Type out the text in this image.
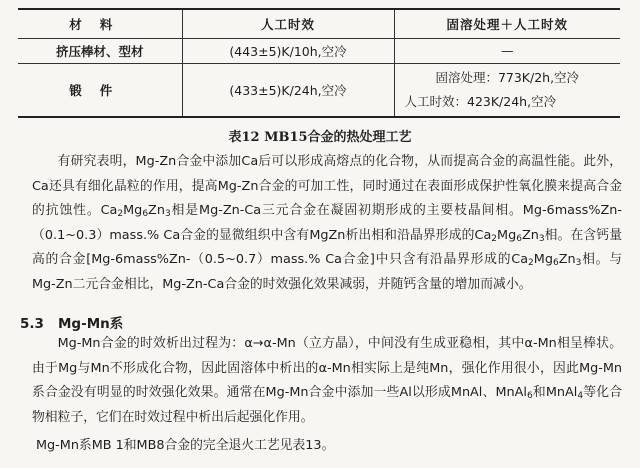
材料	人工时效	固溶处理＋人工时效
挤压棒材、型材	(443±5)K/10h,空冷	—

锻件	(433±5)K/24h,空冷	固溶处理：773K/2h,空冷
人工时效：423K/24h,空冷
表12 MB15合金的热处理工艺

有研究表明，Mg-Zn合金中添加Ca后可以形成高熔点的化合物，从而提高合金的高温性能。此外，Ca还具有细化晶粒的作用，提高Mg-Zn合金的可加工性，同时通过在表面形成保护性氧化膜来提高合金的抗蚀性。$Ca_2Mg_6Zn_3$相是Mg-Zn-Ca三元合金在凝固初期形成的主要枝晶间相。Mg-6mass%Zn-（0.1~0.3）mass.% Ca合金的显微组织中含有MgZn析出相和沿晶界形成的$Ca_2Mg_6Zn_3$相。在含钙量高的合金[Mg-6mass%Zn-（0.5~0.7）mass.% Ca合金]中只含有沿晶界形成的$Ca_2Mg_6Zn_3$相。与Mg-Zn二元合金相比，Mg-Zn-Ca合金的时效强化效果减弱，并随钙含量的增加而减小。

5.3 Mg-Mn系

Mg-Mn合金的时效析出过程为：α→α-Mn（立方晶），中间没有生成亚稳相，其中α-Mn相呈棒状。由于Mg与Mn不形成化合物，因此固溶体中析出的α-Mn相实际上是纯Mn，强化作用很小，因此Mg-Mn系合金没有明显的时效强化效果。通常在Mg-Mn合金中添加一些Al以形成MnAl、MnAl$_6$和MnAl$_4$等化合物相粒子，它们在时效过程中析出后起强化作用。

Mg-Mn系MB 1和MB8合金的完全退火工艺见表13。
